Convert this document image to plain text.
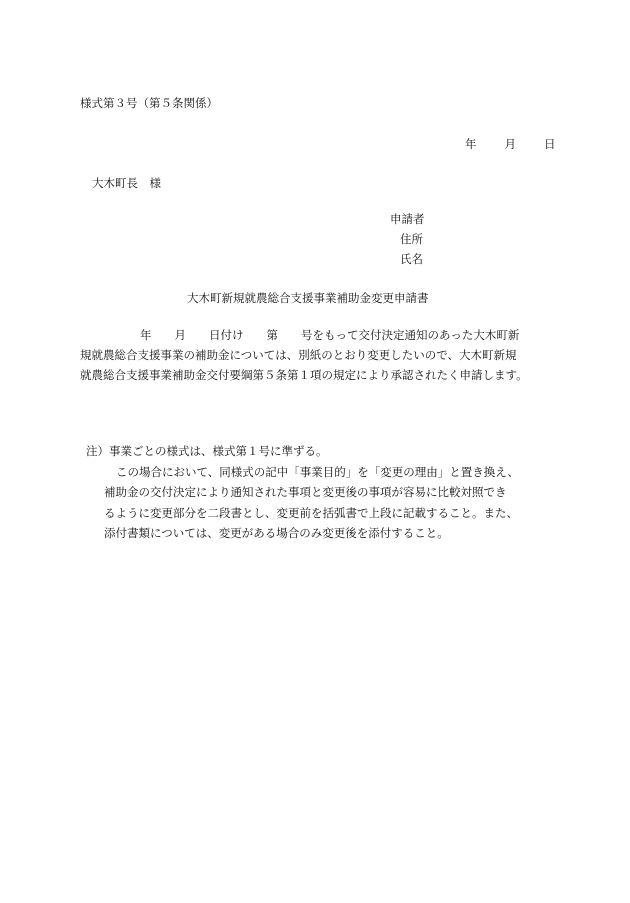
様式第３号（第５条関係）
年 月 日
大木町長　様
申請者
住所
氏名
大木町新規就農総合支援事業補助金変更申請書
年　　月　　日付け　　第　　号をもって交付決定通知のあった大木町新
規就農総合支援事業の補助金については、別紙のとおり変更したいので、大木町新規
就農総合支援事業補助金交付要綱第５条第１項の規定により承認されたく申請します。
注）事業ごとの様式は、様式第１号に準ずる。
この場合において、同様式の記中「事業目的」を「変更の理由」と置き換え、
補助金の交付決定により通知された事項と変更後の事項が容易に比較対照でき
るように変更部分を二段書とし、変更前を括弧書で上段に記載すること。また、
添付書類については、変更がある場合のみ変更後を添付すること。
